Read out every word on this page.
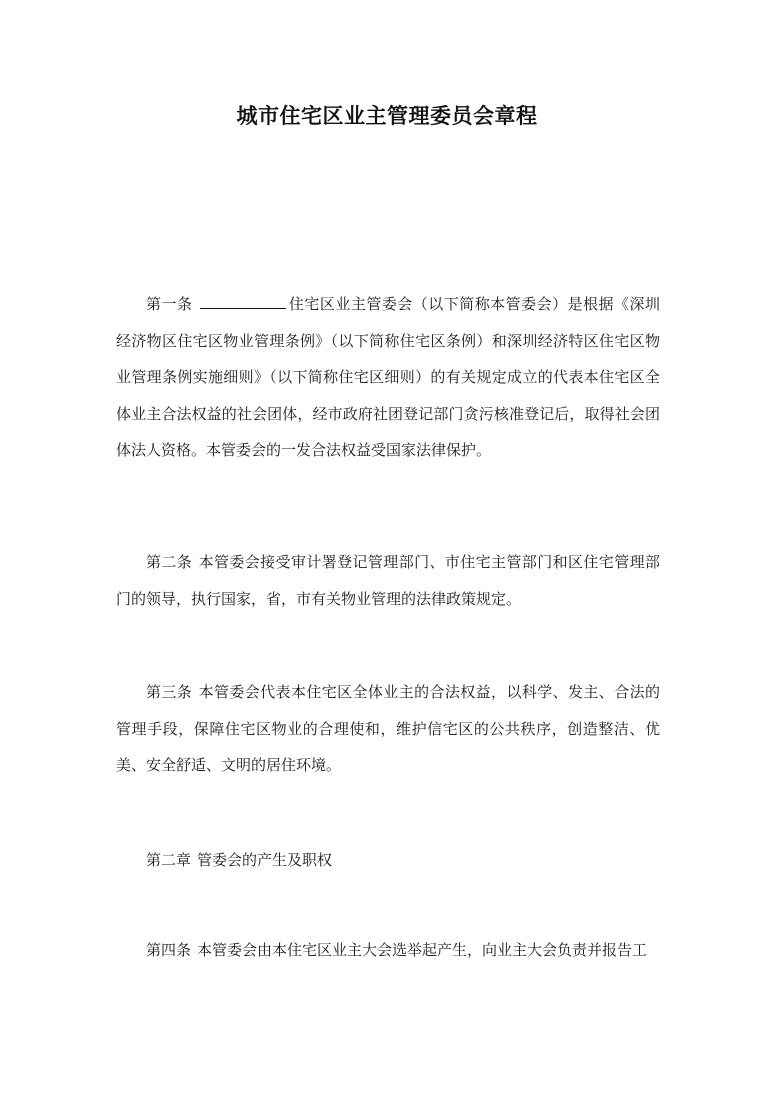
城市住宅区业主管理委员会章程

第一条	住宅区业主管委会（以下简称本管委会）是根据《深圳经济物区住宅区物业管理条例》（以下简称住宅区条例）和深圳经济特区住宅区物业管理条例实施细则》（以下简称住宅区细则）的有关规定成立的代表本住宅区全体业主合法权益的社会团体，经市政府社团登记部门贪污核准登记后，取得社会团体法人资格。本管委会的一发合法权益受国家法律保护。

第二条 本管委会接受审计署登记管理部门、市住宅主管部门和区住宅管理部门的领导，执行国家，省，市有关物业管理的法律政策规定。

第三条 本管委会代表本住宅区全体业主的合法权益，以科学、发主、合法的管理手段，保障住宅区物业的合理使和，维护信宅区的公共秩序，创造整洁、优美、安全舒适、文明的居住环境。

第二章 管委会的产生及职权

第四条 本管委会由本住宅区业主大会选举起产生，向业主大会负责并报告工
